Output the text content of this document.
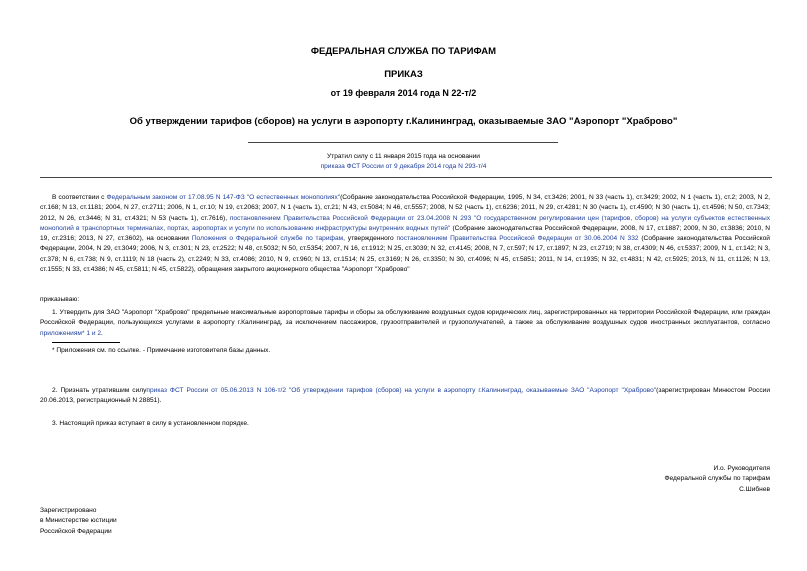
ФЕДЕРАЛЬНАЯ СЛУЖБА ПО ТАРИФАМ
ПРИКАЗ
от 19 февраля 2014 года N 22-т/2
Об утверждении тарифов (сборов) на услуги в аэропорту г.Калининград, оказываемые ЗАО "Аэропорт "Храброво"
Утратил силу с 11 января 2015 года на основании
приказа ФСТ России от 9 декабря 2014 года N 293-т/4
В соответствии с Федеральным законом от 17.08.95 N 147-ФЗ "О естественных монополиях"(Собрание законодательства Российской Федерации, 1995, N 34, ст.3426; 2001, N 33 (часть 1), ст.3429; 2002, N 1 (часть 1), ст.2; 2003, N 2, ст.168; N 13, ст.1181; 2004, N 27, ст.2711; 2006, N 1, ст.10; N 19, ст.2063; 2007, N 1 (часть 1), ст.21; N 43, ст.5084; N 46, ст.5557; 2008, N 52 (часть 1), ст.6236; 2011, N 29, ст.4281; N 30 (часть 1), ст.4590; N 30 (часть 1), ст.4596; N 50, ст.7343; 2012, N 26, ст.3446; N 31, ст.4321; N 53 (часть 1), ст.7616), постановлением Правительства Российской Федерации от 23.04.2008 N 293 "О государственном регулировании цен (тарифов, сборов) на услуги субъектов естественных монополий в транспортных терминалах, портах, аэропортах и услуги по использованию инфраструктуры внутренних водных путей" (Собрание законодательства Российской Федерации, 2008, N 17, ст.1887; 2009, N 30, ст.3836; 2010, N 19, ст.2316; 2013, N 27, ст.3602), на основании Положения о Федеральной службе по тарифам, утвержденного постановлением Правительства Российской Федерации от 30.06.2004 N 332 (Собрание законодательства Российской Федерации, 2004, N 29, ст.3049; 2006, N 3, ст.301; N 23, ст.2522; N 48, ст.5032; N 50, ст.5354; 2007, N 16, ст.1912; N 25, ст.3039; N 32, ст.4145; 2008, N 7, ст.597; N 17, ст.1897; N 23, ст.2719; N 38, ст.4309; N 46, ст.5337; 2009, N 1, ст.142; N 3, ст.378; N 6, ст.738; N 9, ст.1119; N 18 (часть 2), ст.2249; N 33, ст.4086; 2010, N 9, ст.960; N 13, ст.1514; N 25, ст.3169; N 26, ст.3350; N 30, ст.4096; N 45, ст.5851; 2011, N 14, ст.1935; N 32, ст.4831; N 42, ст.5925; 2013, N 11, ст.1126; N 13, ст.1555; N 33, ст.4386; N 45, ст.5811; N 45, ст.5822), обращения закрытого акционерного общества "Аэропорт "Храброво"
приказываю:
1. Утвердить для ЗАО "Аэропорт "Храброво" предельные максимальные аэропортовые тарифы и сборы за обслуживание воздушных судов юридических лиц, зарегистрированных на территории Российской Федерации, или граждан Российской Федерации, пользующихся услугами в аэропорту г.Калининград, за исключением пассажиров, грузоотправителей и грузополучателей, а также за обслуживание воздушных судов иностранных эксплуатантов, согласно приложениям* 1 и 2.
* Приложения см. по ссылке. - Примечание изготовителя базы данных.
2. Признать утратившим силуприказ ФСТ России от 05.06.2013 N 106-т/2 "Об утверждении тарифов (сборов) на услуги в аэропорту г.Калининград, оказываемые ЗАО "Аэропорт "Храброво"(зарегистрирован Минюстом России 20.06.2013, регистрационный N 28851).
3. Настоящий приказ вступает в силу в установленном порядке.
И.о. Руководителя
Федеральной службы по тарифам
С.Шибнев
Зарегистрировано
в Министерстве юстиции
Российской Федерации
